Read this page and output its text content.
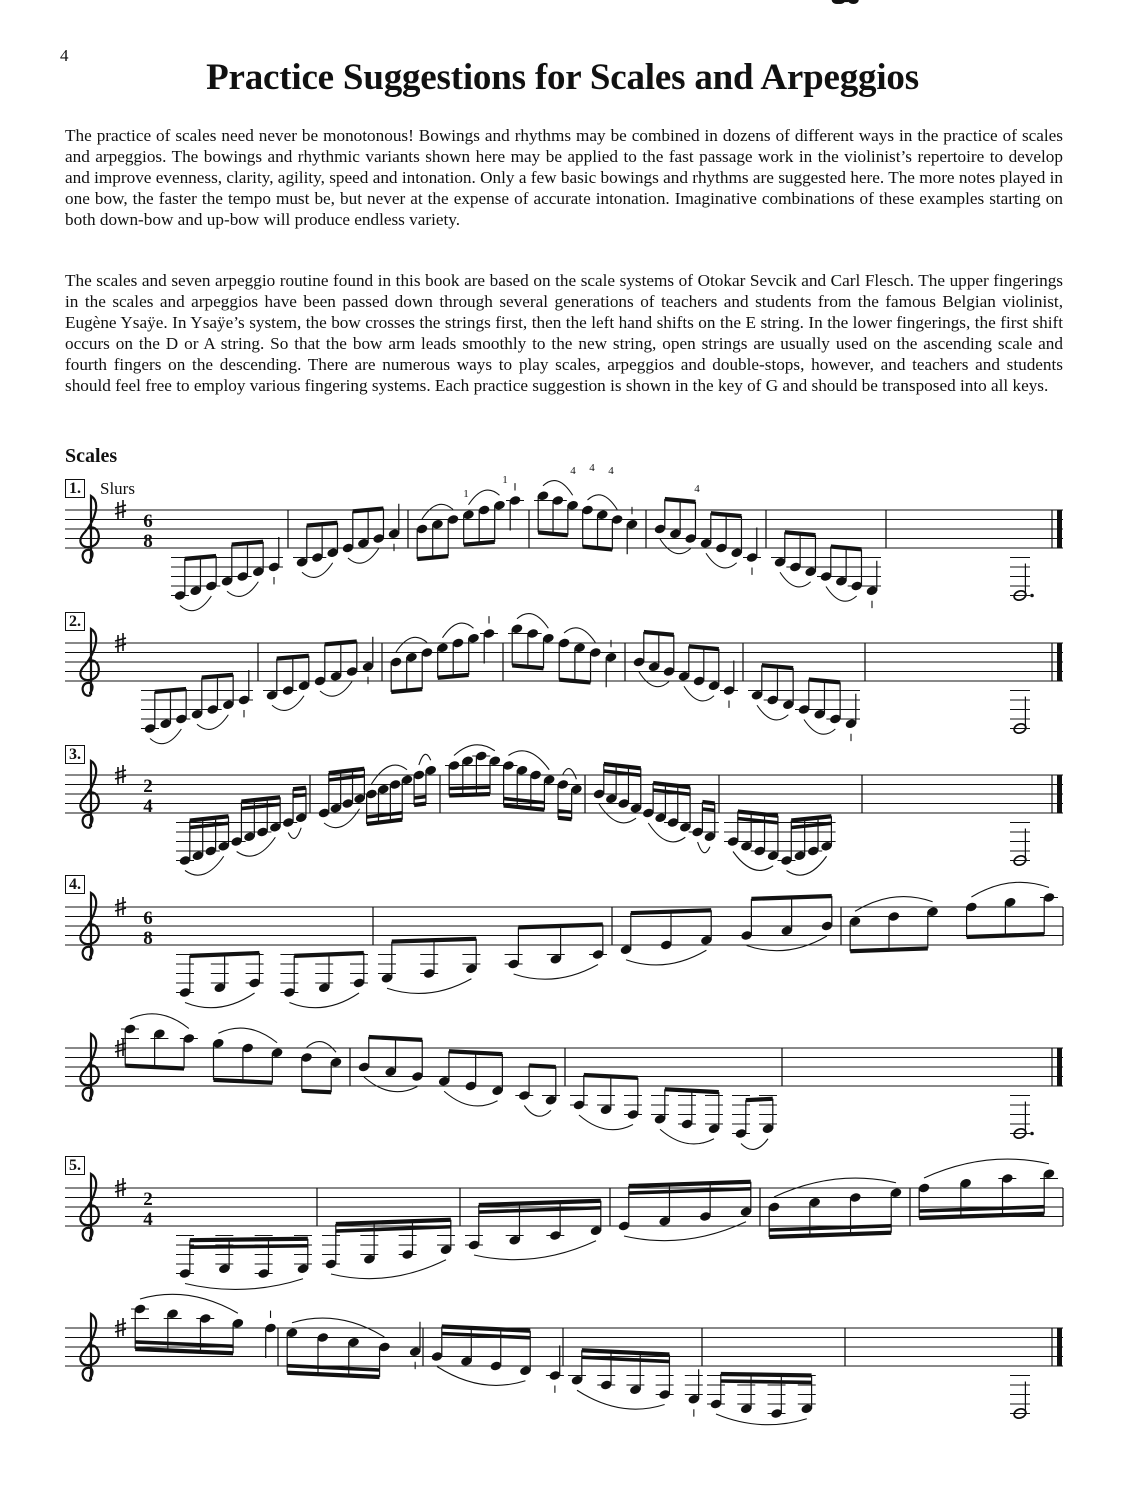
4
Practice Suggestions for Scales and Arpeggios

The practice of scales need never be monotonous! Bowings and rhythms may be combined in dozens of different ways in the practice of scales and arpeggios. The bowings and rhythmic variants shown here may be applied to the fast passage work in the violinist’s repertoire to develop and improve evenness, clarity, agility, speed and intonation. Only a few basic bowings and rhythms are suggested here. The more notes played in one bow, the faster the tempo must be, but never at the expense of accurate intonation. Imaginative combinations of these examples starting on both down-bow and up-bow will produce endless variety.

The scales and seven arpeggio routine found in this book are based on the scale systems of Otokar Sevcik and Carl Flesch. The upper fingerings in the scales and arpeggios have been passed down through several generations of teachers and students from the famous Belgian violinist, Eugène Ysaÿe. In Ysaÿe’s system, the bow crosses the strings first, then the left hand shifts on the E string. In the lower fingerings, the first shift occurs on the D or A string. So that the bow arm leads smoothly to the new string, open strings are usually used on the ascending scale and fourth fingers on the descending. There are numerous ways to play scales, arpeggios and double-stops, however, and teachers and students should feel free to employ various fingering systems. Each practice suggestion is shown in the key of G and should be transposed into all keys.

Scales
6
8
2
4
6
8
2
4
1
1
4 4 4
4
1. Slurs
2.
3.
4.
5.
